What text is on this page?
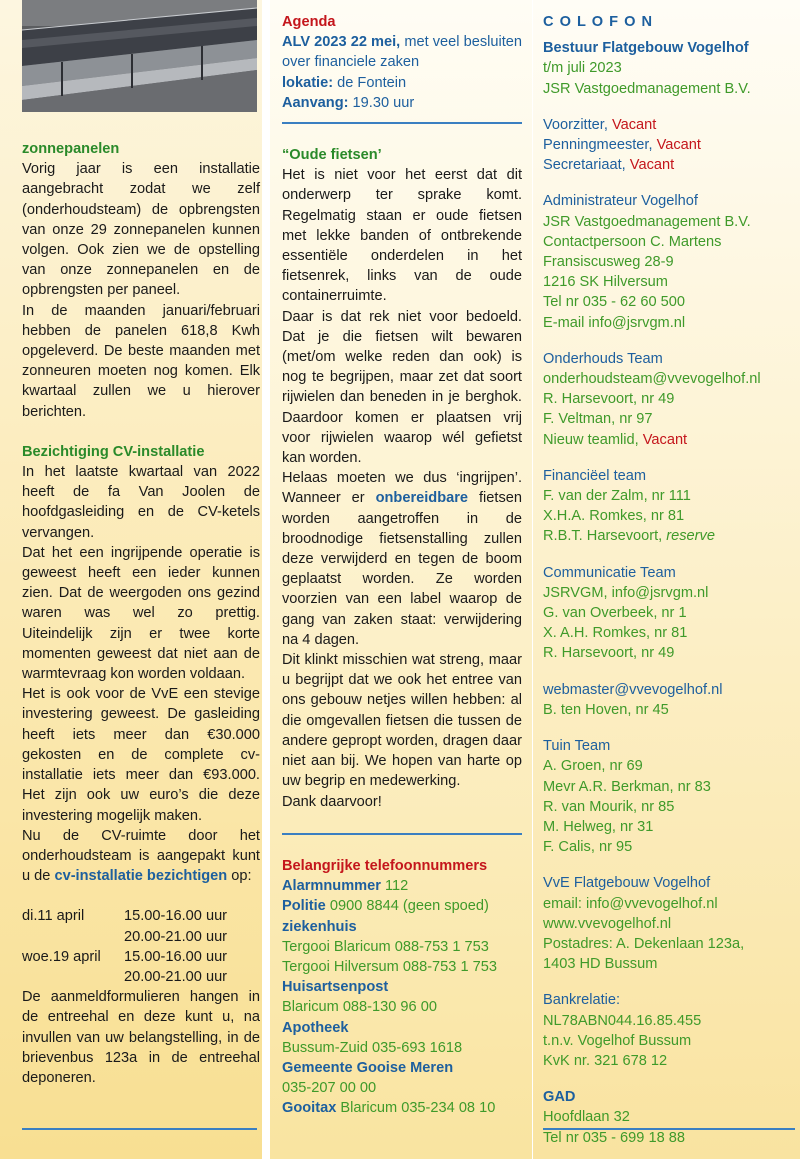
zonnepanelen

Vorig jaar is een installatie aangebracht zodat we zelf (onderhoudsteam) de opbrengsten van onze 29 zonnepanelen kunnen volgen. Ook zien we de opstelling van onze zonnepanelen en de opbrengsten per paneel.

In de maanden januari/februari hebben de panelen 618,8 Kwh opgeleverd. De beste maanden met zonneuren moeten nog komen. Elk kwartaal zullen we u hierover berichten.

Bezichtiging CV-installatie

In het laatste kwartaal van 2022 heeft de fa Van Joolen de hoofdgasleiding en de CV-ketels vervangen.

Dat het een ingrijpende operatie is geweest heeft een ieder kunnen zien. Dat de weergoden ons gezind waren was wel zo prettig. Uiteindelijk zijn er twee korte momenten geweest dat niet aan de warmtevraag kon worden voldaan.

Het is ook voor de VvE een stevige investering geweest. De gasleiding heeft iets meer dan €30.000 gekosten en de complete cv-installatie iets meer dan €93.000. Het zijn ook uw euro’s die deze investering mogelijk maken.

Nu de CV-ruimte door het onderhoudsteam is aangepakt kunt u de cv-installatie bezichtigen op:

di.11 april	15.00-16.00 uur
	20.00-21.00 uur
woe.19 april	15.00-16.00 uur
	20.00-21.00 uur

De aanmeldformulieren hangen in de entreehal en deze kunt u, na invullen van uw belangstelling, in de brievenbus 123a in de entreehal deponeren.

Agenda

ALV 2023 22 mei, met veel besluiten over financiele zaken

lokatie: de Fontein
Aanvang: 19.30 uur
“Oude fietsen’

Het is niet voor het eerst dat dit onderwerp ter sprake komt. Regelmatig staan er oude fietsen met lekke banden of ontbrekende essentiële onderdelen in het fietsenrek, links van de oude containerruimte.

Daar is dat rek niet voor bedoeld. Dat je die fietsen wilt bewaren (met/om welke reden dan ook) is nog te begrijpen, maar zet dat soort rijwielen dan beneden in je berghok. Daardoor komen er plaatsen vrij voor rijwielen waarop wél gefietst kan worden.

Helaas moeten we dus ‘ingrijpen’. Wanneer er onbereidbare fietsen worden aangetroffen in de broodnodige fietsenstalling zullen deze verwijderd en tegen de boom geplaatst worden. Ze worden voorzien van een label waarop de gang van zaken staat: verwijdering na 4 dagen.

Dit klinkt misschien wat streng, maar u begrijpt dat we ook het entree van ons gebouw netjes willen hebben: al die omgevallen fietsen die tussen de andere gepropt worden, dragen daar niet aan bij. We hopen van harte op uw begrip en medewerking.

Dank daarvoor!
Belangrijke telefoonnummers
Alarmnummer 112
Politie 0900 8844 (geen spoed)
ziekenhuis
Tergooi Blaricum 088-753 1 753
Tergooi Hilversum 088-753 1 753
Huisartsenpost
Blaricum 088-130 96 00
Apotheek
Bussum-Zuid 035-693 1618
Gemeente Gooise Meren
035-207 00 00
Gooitax Blaricum 035-234 08 10
C O L O F O N
Bestuur Flatgebouw Vogelhof
t/m juli 2023
JSR Vastgoedmanagement B.V.
Voorzitter, Vacant
Penningmeester, Vacant
Secretariaat, Vacant
Administrateur Vogelhof
JSR Vastgoedmanagement B.V.
Contactpersoon C. Martens
Fransiscusweg 28-9
1216 SK Hilversum
Tel nr 035 - 62 60 500
E-mail info@jsrvgm.nl
Onderhouds Team
onderhoudsteam@vvevogelhof.nl
R. Harsevoort, nr 49
F. Veltman, nr 97
Nieuw teamlid, Vacant
Financiëel team
F. van der Zalm, nr 111
X.H.A. Romkes, nr 81
R.B.T. Harsevoort, reserve
Communicatie Team
JSRVGM, info@jsrvgm.nl
G. van Overbeek, nr 1
X. A.H. Romkes, nr 81
R. Harsevoort, nr 49
webmaster@vvevogelhof.nl
B. ten Hoven, nr 45
Tuin Team
A. Groen, nr 69
Mevr A.R. Berkman, nr 83
R. van Mourik, nr 85
M. Helweg, nr 31
F. Calis, nr 95
VvE Flatgebouw Vogelhof
email: info@vvevogelhof.nl
www.vvevogelhof.nl
Postadres: A. Dekenlaan 123a,
1403 HD Bussum
Bankrelatie:
NL78ABN044.16.85.455
t.n.v. Vogelhof Bussum
KvK nr. 321 678 12
GAD
Hoofdlaan 32
Tel nr 035 - 699 18 88
